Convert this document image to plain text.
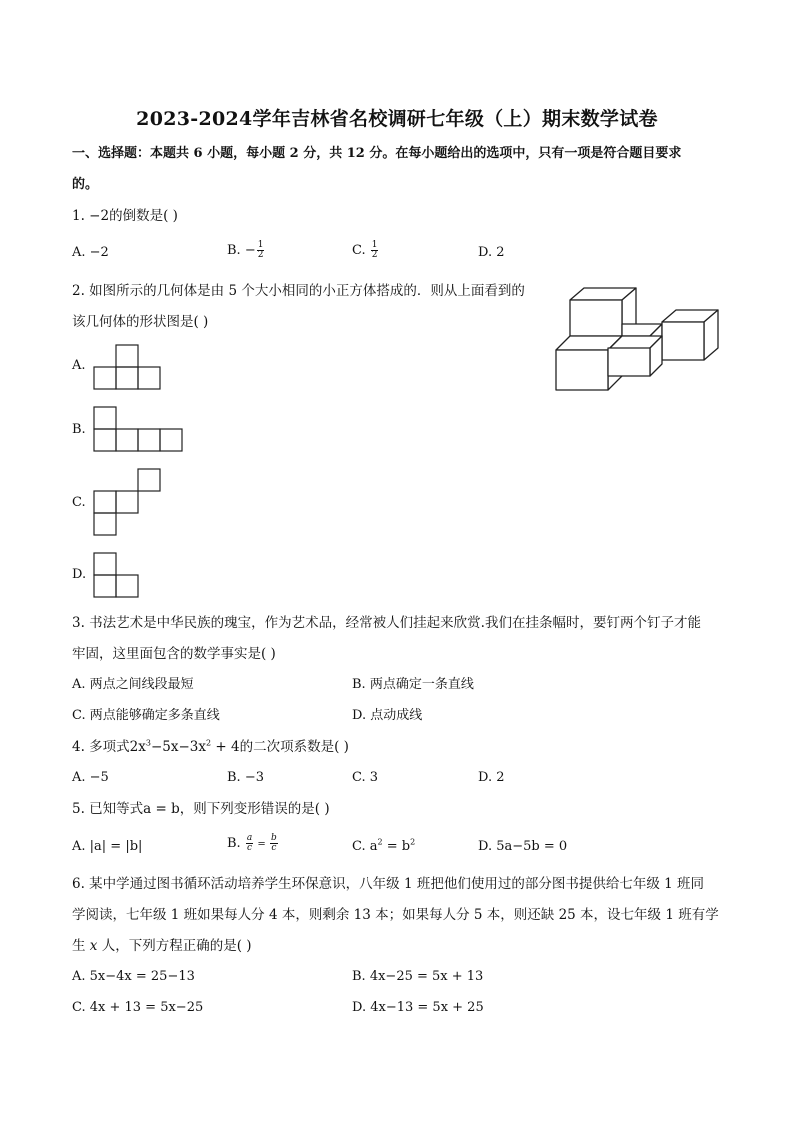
2023-2024学年吉林省名校调研七年级（上）期末数学试卷
一、选择题：本题共 6 小题，每小题 2 分，共 12 分。在每小题给出的选项中，只有一项是符合题目要求
的。
1. −2的倒数是( )
A. −2	B. − $\frac{1}{2}$	C. $\frac{1}{2}$	D. 2
2. 如图所示的几何体是由 5 个大小相同的小正方体搭成的．则从上面看到的
该几何体的形状图是( )
A.
B.
C.
D.
3. 书法艺术是中华民族的瑰宝，作为艺术品，经常被人们挂起来欣赏.我们在挂条幅时，要钉两个钉子才能
牢固，这里面包含的数学事实是( )
A. 两点之间线段最短	B. 两点确定一条直线
C. 两点能够确定多条直线	D. 点动成线
4. 多项式$2x^3-5x-3x^2 + 4$的二次项系数是( )
A. −5	B. −3	C. 3	D. 2
5. 已知等式a = b，则下列变形错误的是( )
A. |a| = |b|	B. $\frac{a}{c} = \frac{b}{c}$	C. $a^2 = b^2$	D. 5a−5b = 0
6. 某中学通过图书循环活动培养学生环保意识，八年级 1 班把他们使用过的部分图书提供给七年级 1 班同
学阅读，七年级 1 班如果每人分 4 本，则剩余 13 本；如果每人分 5 本，则还缺 25 本，设七年级 1 班有学
生 x 人，下列方程正确的是( )
A. 5x−4x = 25−13	B. 4x−25 = 5x + 13
C. 4x + 13 = 5x−25	D. 4x−13 = 5x + 25
